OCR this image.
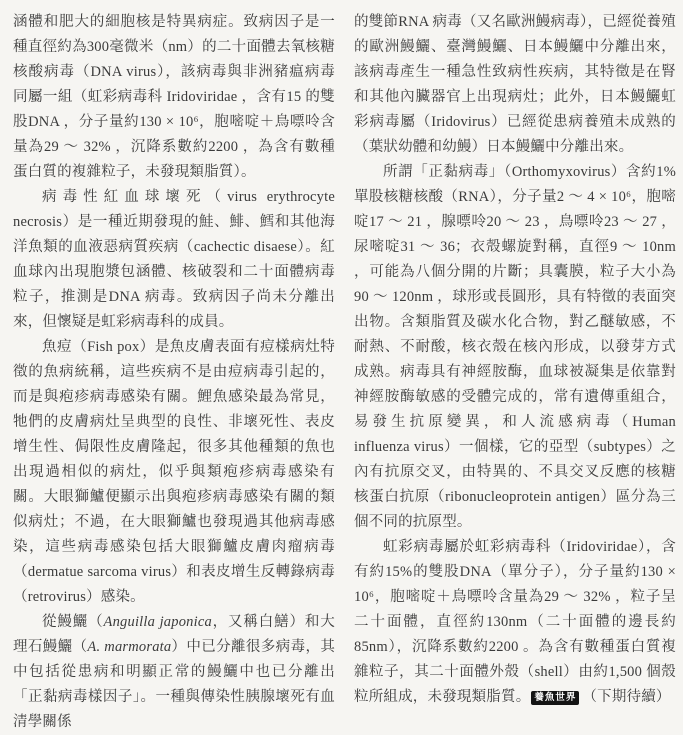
涵體和肥大的細胞核是特異病症。致病因子是一種直徑約為300毫微米（nm）的二十面體去氧核糖核酸病毒（DNA virus），該病毒與非洲豬瘟病毒同屬一組（虹彩病毒科 Iridoviridae ，含有15 的雙股DNA ，分子量約130 × 10⁶，胞嘧啶＋鳥嘌呤含量為29 ～ 32% ，沉降系數約2200 ，為含有數種蛋白質的複雜粒子，未發現類脂質）。

病毒性紅血球壞死（virus erythrocyte necrosis）是一種近期發現的鮭、鯡、鱈和其他海洋魚類的血液惡病質疾病（cachectic disaese）。紅血球內出現胞漿包涵體、核破裂和二十面體病毒粒子，推測是DNA 病毒。致病因子尚未分離出來，但懷疑是虹彩病毒科的成員。

魚痘（Fish pox）是魚皮膚表面有痘樣病灶特徵的魚病統稱，這些疾病不是由痘病毒引起的，而是與疱疹病毒感染有關。鯉魚感染最為常見，牠們的皮膚病灶呈典型的良性、非壞死性、表皮增生性、侷限性皮膚隆起，很多其他種類的魚也出現過相似的病灶，似乎與類疱疹病毒感染有關。大眼獅鱸便顯示出與疱疹病毒感染有關的類似病灶；不過，在大眼獅鱸也發現過其他病毒感染，這些病毒感染包括大眼獅鱸皮膚肉瘤病毒（dermatue sarcoma virus）和表皮增生反轉錄病毒（retrovirus）感染。

從鰻鱺（Anguilla japonica，又稱白鱔）和大理石鰻鱺（A. marmorata）中已分離很多病毒，其中包括從患病和明顯正常的鰻鱺中也已分離出「正黏病毒樣因子」。一種與傳染性胰腺壞死有血清學關係

的雙節RNA 病毒（又名歐洲鰻病毒），已經從養殖的歐洲鰻鱺、臺灣鰻鱺、日本鰻鱺中分離出來，該病毒產生一種急性致病性疾病，其特徵是在腎和其他內臟器官上出現病灶；此外，日本鰻鱺虹彩病毒屬（Iridovirus）已經從患病養殖未成熟的（葉狀幼體和幼鰻）日本鰻鱺中分離出來。

所謂「正黏病毒」（Orthomyxovirus）含約1% 單股核糖核酸（RNA），分子量2 ～ 4 × 10⁶，胞嘧啶17 ～ 21 ，腺嘌呤20 ～ 23 ，鳥嘌呤23 ～ 27 ，尿嘧啶31 ～ 36；衣殼螺旋對稱，直徑9 ～ 10nm ，可能為八個分開的片斷；具囊膜，粒子大小為90 ～ 120nm ，球形或長圓形，具有特徵的表面突出物。含類脂質及碳水化合物，對乙醚敏感，不耐熱、不耐酸，核衣殼在核內形成，以發芽方式成熟。病毒具有神經胺酶，血球被凝集是依靠對神經胺酶敏感的受體完成的，常有遺傳重組合，易發生抗原變異，和人流感病毒（Human influenza virus）一個樣，它的亞型（subtypes）之內有抗原交叉，由特異的、不具交叉反應的核糖核蛋白抗原（ribonucleoprotein antigen）區分為三個不同的抗原型。

虹彩病毒屬於虹彩病毒科（Iridoviridae），含有約15%的雙股DNA（單分子），分子量約130 × 10⁶，胞嘧啶＋鳥嘌呤含量為29 ～ 32% ，粒子呈二十面體，直徑約130nm（二十面體的邊長約85nm），沉降系數約2200 。為含有數種蛋白質複雜粒子，其二十面體外殼（shell）由約1,500 個殼粒所組成，未發現類脂質。 養魚世界 （下期待續）
